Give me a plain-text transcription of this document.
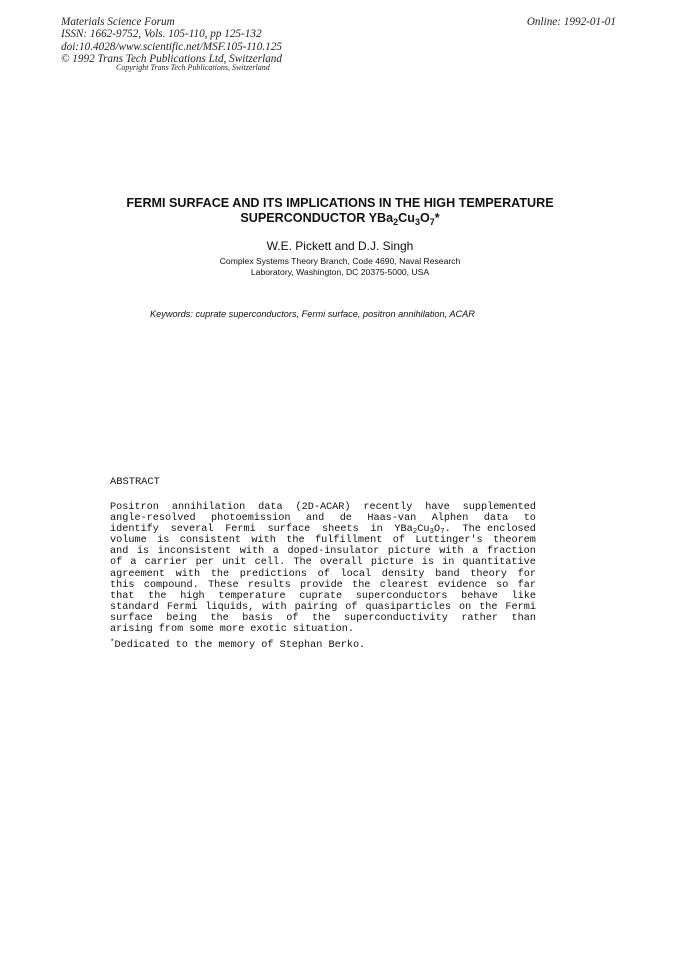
Materials Science Forum
ISSN: 1662-9752, Vols. 105-110, pp 125-132
doi:10.4028/www.scientific.net/MSF.105-110.125
© 1992 Trans Tech Publications Ltd, Switzerland
Online: 1992-01-01
Copyright Trans Tech Publications, Switzerland
FERMI SURFACE AND ITS IMPLICATIONS IN THE HIGH TEMPERATURE
SUPERCONDUCTOR $YBa_2Cu_3O_7*$
W.E. Pickett and D.J. Singh
Complex Systems Theory Branch, Code 4690, Naval Research
Laboratory, Washington, DC 20375-5000, USA
Keywords: cuprate superconductors, Fermi surface, positron annihilation, ACAR
ABSTRACT
Positron annihilation data (2D-ACAR) recently have supplemented
angle-resolved photoemission and de Haas-van Alphen data to
identify several Fermi surface sheets in $YBa_2Cu_3O_7$. The enclosed
volume is consistent with the fulfillment of Luttinger's theorem
and is inconsistent with a doped-insulator picture with a fraction
of a carrier per unit cell. The overall picture is in quantitative
agreement with the predictions of local density band theory for
this compound. These results provide the clearest evidence so far
that the high temperature cuprate superconductors behave like
standard Fermi liquids, with pairing of quasiparticles on the Fermi
surface being the basis of the superconductivity rather than
arising from some more exotic situation.
*Dedicated to the memory of Stephan Berko.
